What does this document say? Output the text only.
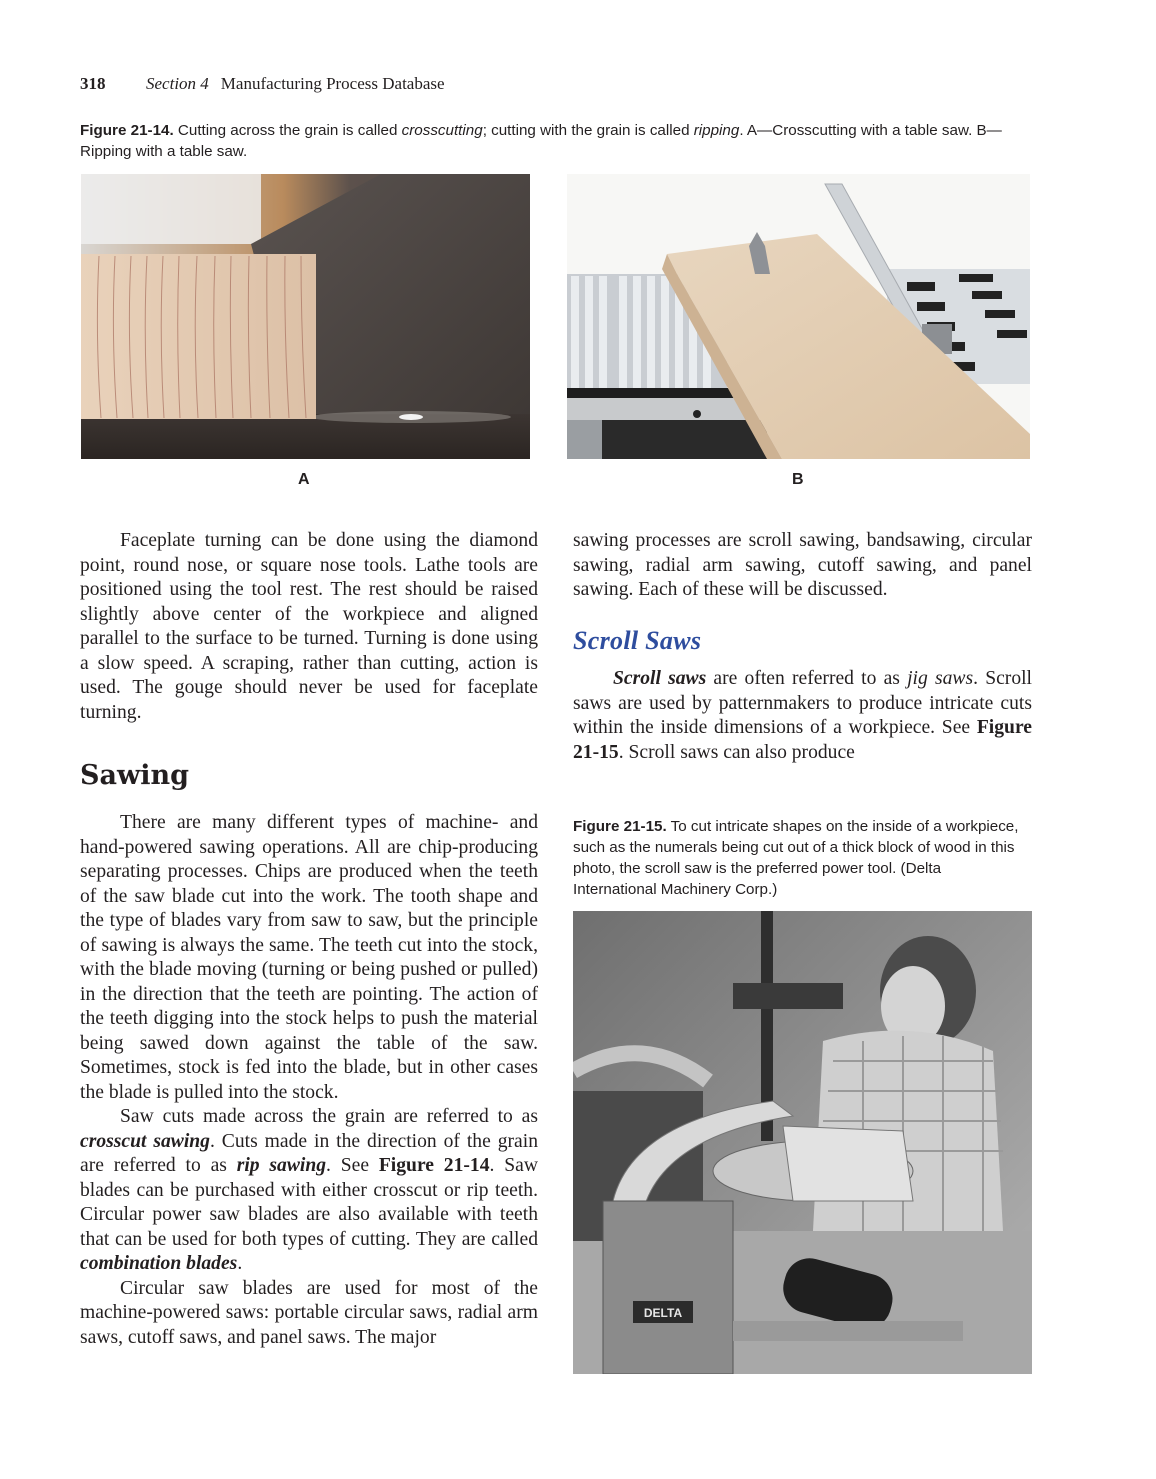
318 Section 4 Manufacturing Process Database
Figure 21-14. Cutting across the grain is called crosscutting; cutting with the grain is called ripping. A—Crosscutting with a table saw. B—Ripping with a table saw.
A	B

Faceplate turning can be done using the diamond point, round nose, or square nose tools. Lathe tools are positioned using the tool rest. The rest should be raised slightly above center of the workpiece and aligned parallel to the surface to be turned. Turning is done using a slow speed. A scraping, rather than cutting, action is used. The gouge should never be used for faceplate turning.

Sawing

There are many different types of machine- and hand-powered sawing operations. All are chip-producing separating processes. Chips are produced when the teeth of the saw blade cut into the work. The tooth shape and the type of blades vary from saw to saw, but the principle of sawing is always the same. The teeth cut into the stock, with the blade moving (turning or being pushed or pulled) in the direction that the teeth are pointing. The action of the teeth digging into the stock helps to push the material being sawed down against the table of the saw. Sometimes, stock is fed into the blade, but in other cases the blade is pulled into the stock.

Saw cuts made across the grain are referred to as crosscut sawing. Cuts made in the direction of the grain are referred to as rip sawing. See Figure 21-14. Saw blades can be purchased with either crosscut or rip teeth. Circular power saw blades are also available with teeth that can be used for both types of cutting. They are called combination blades.

Circular saw blades are used for most of the machine-powered saws: portable circular saws, radial arm saws, cutoff saws, and panel saws. The major

sawing processes are scroll sawing, bandsawing, circular sawing, radial arm sawing, cutoff sawing, and panel sawing. Each of these will be discussed.

Scroll Saws

Scroll saws are often referred to as jig saws. Scroll saws are used by patternmakers to produce intricate cuts within the inside dimensions of a workpiece. See Figure 21-15. Scroll saws can also produce

Figure 21-15. To cut intricate shapes on the inside of a workpiece, such as the numerals being cut out of a thick block of wood in this photo, the scroll saw is the preferred power tool. (Delta International Machinery Corp.)
DELTA
